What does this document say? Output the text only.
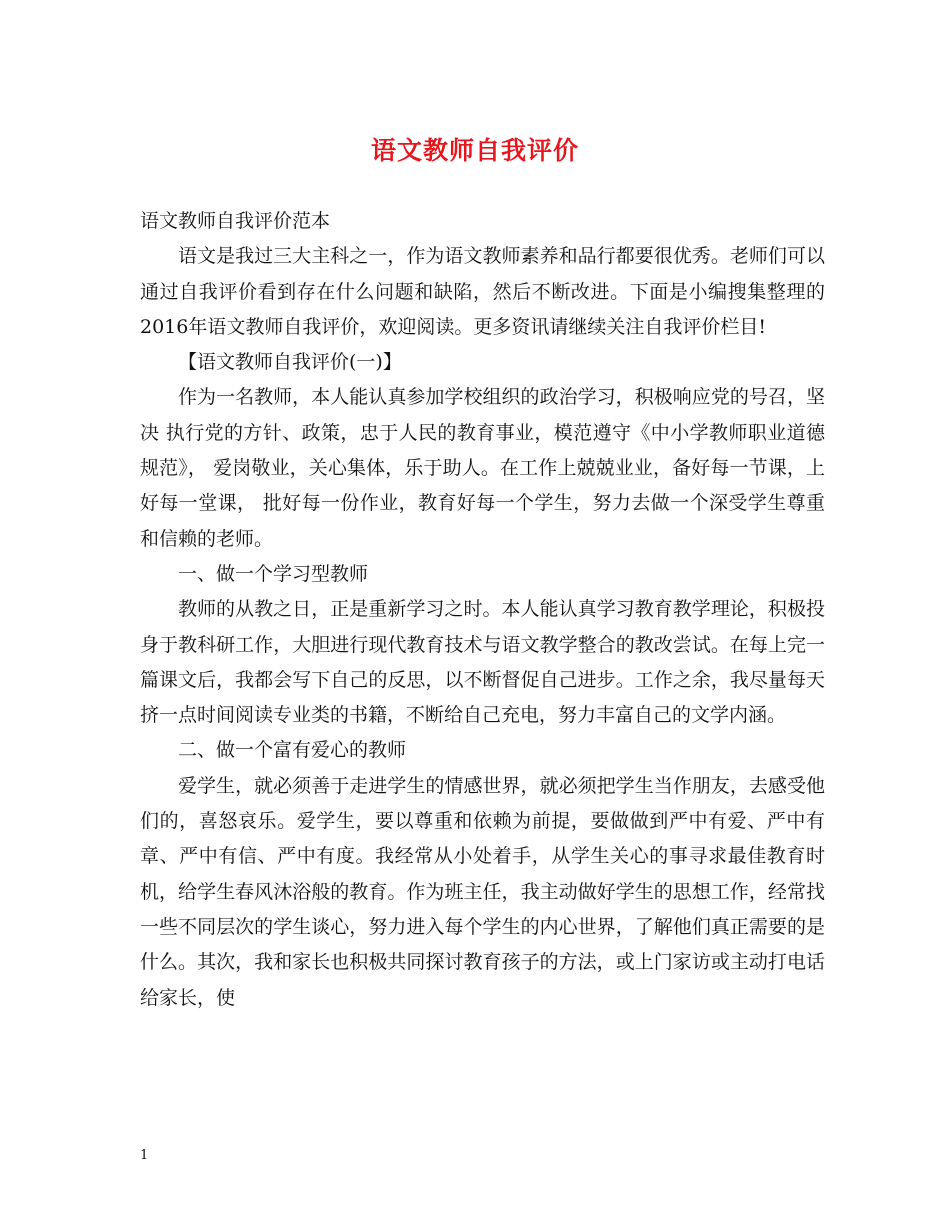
语文教师自我评价

语文教师自我评价范本

语文是我过三大主科之一，作为语文教师素养和品行都要很优秀。老师们可以通过自我评价看到存在什么问题和缺陷，然后不断改进。下面是小编搜集整理的2016年语文教师自我评价，欢迎阅读。更多资讯请继续关注自我评价栏目!

【语文教师自我评价(一)】

作为一名教师，本人能认真参加学校组织的政治学习，积极响应党的号召，坚决 执行党的方针、政策，忠于人民的教育事业，模范遵守《中小学教师职业道德规范》， 爱岗敬业，关心集体，乐于助人。在工作上兢兢业业，备好每一节课，上好每一堂课， 批好每一份作业，教育好每一个学生，努力去做一个深受学生尊重和信赖的老师。

一、做一个学习型教师

教师的从教之日，正是重新学习之时。本人能认真学习教育教学理论，积极投身于教科研工作，大胆进行现代教育技术与语文教学整合的教改尝试。在每上完一篇课文后，我都会写下自己的反思，以不断督促自己进步。工作之余，我尽量每天挤一点时间阅读专业类的书籍，不断给自己充电，努力丰富自己的文学内涵。

二、做一个富有爱心的教师

爱学生，就必须善于走进学生的情感世界，就必须把学生当作朋友，去感受他们的，喜怒哀乐。爱学生，要以尊重和依赖为前提，要做做到严中有爱、严中有章、严中有信、严中有度。我经常从小处着手，从学生关心的事寻求最佳教育时机，给学生春风沐浴般的教育。作为班主任，我主动做好学生的思想工作，经常找一些不同层次的学生谈心，努力进入每个学生的内心世界，了解他们真正需要的是什么。其次，我和家长也积极共同探讨教育孩子的方法，或上门家访或主动打电话给家长，使

1
